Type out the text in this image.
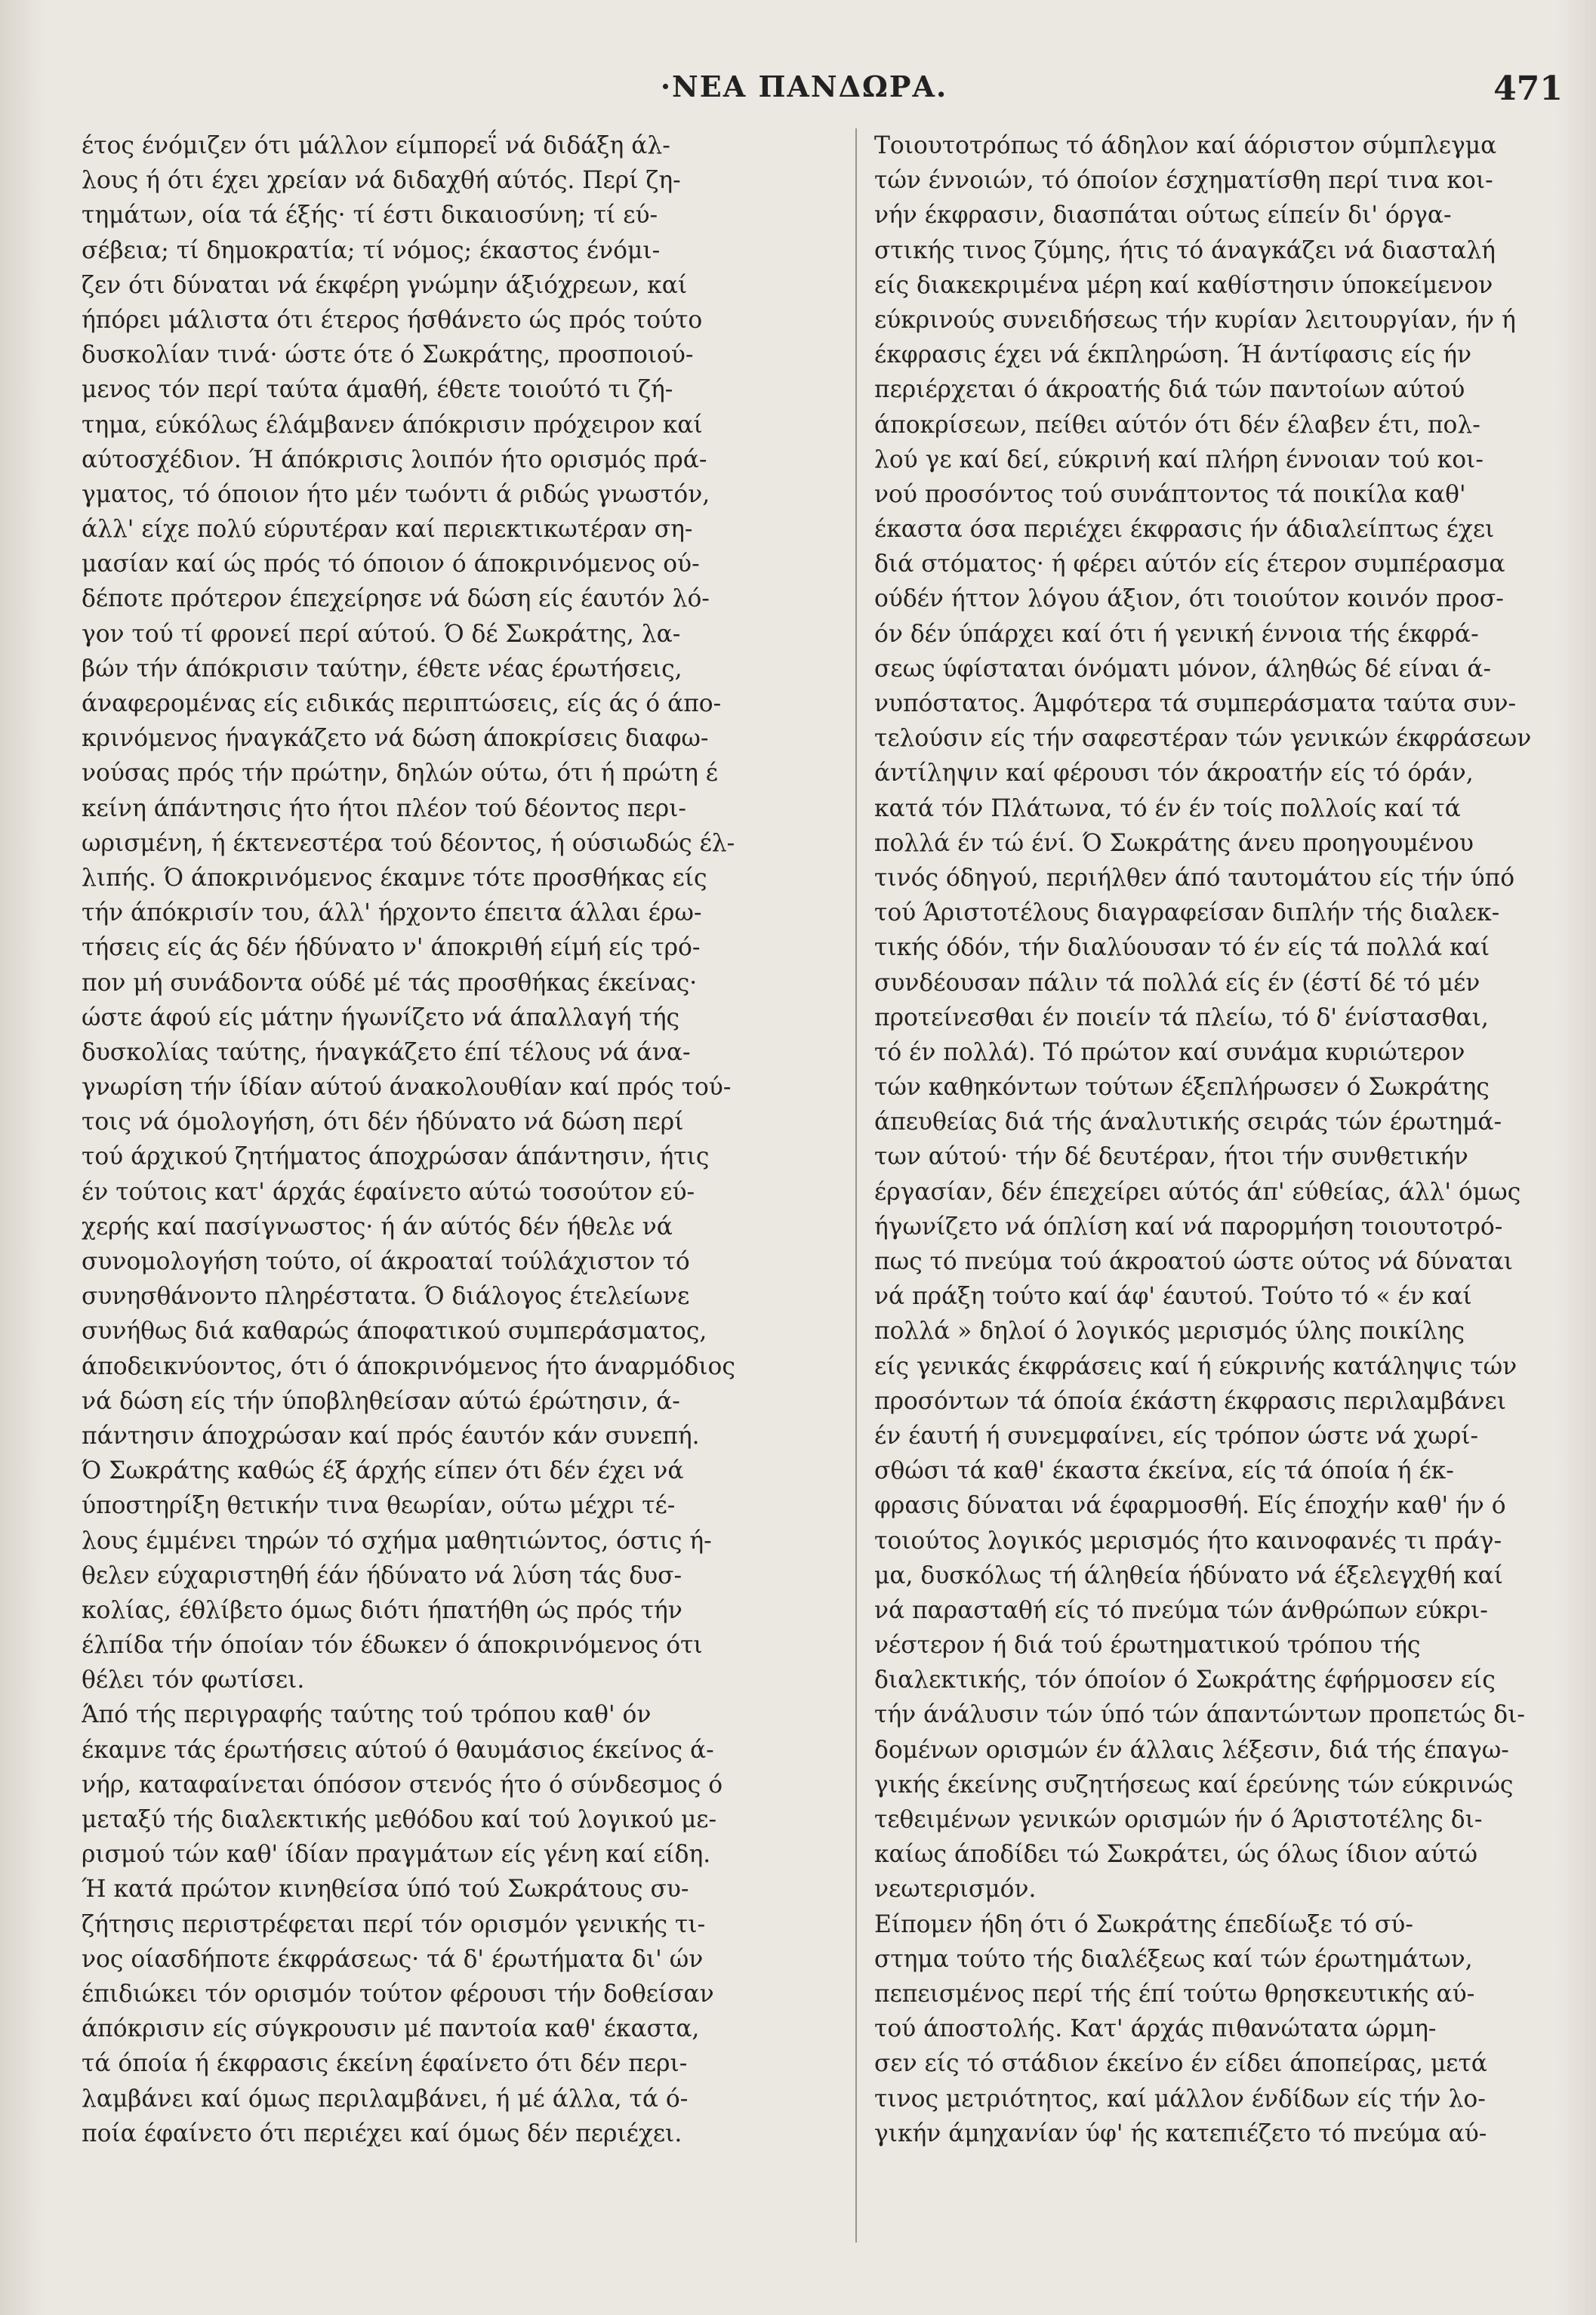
·ΝΕΑ ΠΑΝΔΩΡΑ.	471
έτος ένόμιζεν ότι μάλλον είμπορεΐ νά διδάξη άλ-
λους ή ότι έχει χρείαν νά διδαχθή αύτός. Περί ζη-
τημάτων, οία τά έξής· τί έστι δικαιοσύνη; τί εύ-
σέβεια; τί δημοκρατία; τί νόμος; έκαστος ένόμι-
ζεν ότι δύναται νά έκφέρη γνώμην άξιόχρεων, καί
ήπόρει μάλιστα ότι έτερος ήσθάνετο ώς πρός τούτο
δυσκολίαν τινά· ώστε ότε ό Σωκράτης, προσποιού-
μενος τόν περί ταύτα άμαθή, έθετε τοιούτό τι ζή-
τημα, εύκόλως έλάμβανεν άπόκρισιν πρόχειρον καί
αύτοσχέδιον. Ή άπόκρισις λοιπόν ήτο ορισμός πρά-
γματος, τό όποιον ήτο μέν τωόντι ά ριδώς γνωστόν,
άλλ' είχε πολύ εύρυτέραν καί περιεκτικωτέραν ση-
μασίαν καί ώς πρός τό όποιον ό άποκρινόμενος ού-
δέποτε πρότερον έπεχείρησε νά δώση είς έαυτόν λό-
γον τού τί φρονεί περί αύτού. Ό δέ Σωκράτης, λα-
βών τήν άπόκρισιν ταύτην, έθετε νέας έρωτήσεις,
άναφερομένας είς ειδικάς περιπτώσεις, είς άς ό άπο-
κρινόμενος ήναγκάζετο νά δώση άποκρίσεις διαφω-
νούσας πρός τήν πρώτην, δηλών ούτω, ότι ή πρώτη έ
κείνη άπάντησις ήτο ήτοι πλέον τού δέοντος περι-
ωρισμένη, ή έκτενεστέρα τού δέοντος, ή ούσιωδώς έλ-
λιπής. Ό άποκρινόμενος έκαμνε τότε προσθήκας είς
τήν άπόκρισίν του, άλλ' ήρχοντο έπειτα άλλαι έρω-
τήσεις είς άς δέν ήδύνατο ν' άποκριθή είμή είς τρό-
πον μή συνάδοντα ούδέ μέ τάς προσθήκας έκείνας·
ώστε άφού είς μάτην ήγωνίζετο νά άπαλλαγή τής
δυσκολίας ταύτης, ήναγκάζετο έπί τέλους νά άνα-
γνωρίση τήν ίδίαν αύτού άνακολουθίαν καί πρός τού-
τοις νά όμολογήση, ότι δέν ήδύνατο νά δώση περί
τού άρχικού ζητήματος άποχρώσαν άπάντησιν, ήτις
έν τούτοις κατ' άρχάς έφαίνετο αύτώ τοσούτον εύ-
χερής καί πασίγνωστος· ή άν αύτός δέν ήθελε νά
συνομολογήση τούτο, οί άκροαταί τούλάχιστον τό
συνησθάνοντο πληρέστατα. Ό διάλογος έτελείωνε
συνήθως διά καθαρώς άποφατικού συμπεράσματος,
άποδεικνύοντος, ότι ό άποκρινόμενος ήτο άναρμόδιος
νά δώση είς τήν ύποβληθείσαν αύτώ έρώτησιν, ά-
πάντησιν άποχρώσαν καί πρός έαυτόν κάν συνεπή.
Ό Σωκράτης καθώς έξ άρχής είπεν ότι δέν έχει νά
ύποστηρίξη θετικήν τινα θεωρίαν, ούτω μέχρι τέ-
λους έμμένει τηρών τό σχήμα μαθητιώντος, όστις ή-
θελεν εύχαριστηθή έάν ήδύνατο νά λύση τάς δυσ-
κολίας, έθλίβετο όμως διότι ήπατήθη ώς πρός τήν
έλπίδα τήν όποίαν τόν έδωκεν ό άποκρινόμενος ότι
θέλει τόν φωτίσει.
Άπό τής περιγραφής ταύτης τού τρόπου καθ' όν
έκαμνε τάς έρωτήσεις αύτού ό θαυμάσιος έκείνος ά-
νήρ, καταφαίνεται όπόσον στενός ήτο ό σύνδεσμος ό
μεταξύ τής διαλεκτικής μεθόδου καί τού λογικού με-
ρισμού τών καθ' ίδίαν πραγμάτων είς γένη καί είδη.
Ή κατά πρώτον κινηθείσα ύπό τού Σωκράτους συ-
ζήτησις περιστρέφεται περί τόν ορισμόν γενικής τι-
νος οίασδήποτε έκφράσεως· τά δ' έρωτήματα δι' ών
έπιδιώκει τόν ορισμόν τούτον φέρουσι τήν δοθείσαν
άπόκρισιν είς σύγκρουσιν μέ παντοία καθ' έκαστα,
τά όποία ή έκφρασις έκείνη έφαίνετο ότι δέν περι-
λαμβάνει καί όμως περιλαμβάνει, ή μέ άλλα, τά ό-
ποία έφαίνετο ότι περιέχει καί όμως δέν περιέχει.
Τοιουτοτρόπως τό άδηλον καί άόριστον σύμπλεγμα
τών έννοιών, τό όποίον έσχηματίσθη περί τινα κοι-
νήν έκφρασιν, διασπάται ούτως είπείν δι' όργα-
στικής τινος ζύμης, ήτις τό άναγκάζει νά διασταλή
είς διακεκριμένα μέρη καί καθίστησιν ύποκείμενον
εύκρινούς συνειδήσεως τήν κυρίαν λειτουργίαν, ήν ή
έκφρασις έχει νά έκπληρώση. Ή άντίφασις είς ήν
περιέρχεται ό άκροατής διά τών παντοίων αύτού
άποκρίσεων, πείθει αύτόν ότι δέν έλαβεν έτι, πολ-
λού γε καί δεί, εύκρινή καί πλήρη έννοιαν τού κοι-
νού προσόντος τού συνάπτοντος τά ποικίλα καθ'
έκαστα όσα περιέχει έκφρασις ήν άδιαλείπτως έχει
διά στόματος· ή φέρει αύτόν είς έτερον συμπέρασμα
ούδέν ήττον λόγου άξιον, ότι τοιούτον κοινόν προσ-
όν δέν ύπάρχει καί ότι ή γενική έννοια τής έκφρά-
σεως ύφίσταται όνόματι μόνον, άληθώς δέ είναι ά-
νυπόστατος. Άμφότερα τά συμπεράσματα ταύτα συν-
τελούσιν είς τήν σαφεστέραν τών γενικών έκφράσεων
άντίληψιν καί φέρουσι τόν άκροατήν είς τό όράν,
κατά τόν Πλάτωνα, τό έν έν τοίς πολλοίς καί τά
πολλά έν τώ ένί. Ό Σωκράτης άνευ προηγουμένου
τινός όδηγού, περιήλθεν άπό ταυτομάτου είς τήν ύπό
τού Άριστοτέλους διαγραφείσαν διπλήν τής διαλεκ-
τικής όδόν, τήν διαλύουσαν τό έν είς τά πολλά καί
συνδέουσαν πάλιν τά πολλά είς έν (έστί δέ τό μέν
προτείνεσθαι έν ποιείν τά πλείω, τό δ' ένίστασθαι,
τό έν πολλά). Τό πρώτον καί συνάμα κυριώτερον
τών καθηκόντων τούτων έξεπλήρωσεν ό Σωκράτης
άπευθείας διά τής άναλυτικής σειράς τών έρωτημά-
των αύτού· τήν δέ δευτέραν, ήτοι τήν συνθετικήν
έργασίαν, δέν έπεχείρει αύτός άπ' εύθείας, άλλ' όμως
ήγωνίζετο νά όπλίση καί νά παρορμήση τοιουτοτρό-
πως τό πνεύμα τού άκροατού ώστε ούτος νά δύναται
νά πράξη τούτο καί άφ' έαυτού. Τούτο τό « έν καί
πολλά » δηλοί ό λογικός μερισμός ύλης ποικίλης
είς γενικάς έκφράσεις καί ή εύκρινής κατάληψις τών
προσόντων τά όποία έκάστη έκφρασις περιλαμβάνει
έν έαυτή ή συνεμφαίνει, είς τρόπον ώστε νά χωρί-
σθώσι τά καθ' έκαστα έκείνα, είς τά όποία ή έκ-
φρασις δύναται νά έφαρμοσθή. Είς έποχήν καθ' ήν ό
τοιούτος λογικός μερισμός ήτο καινοφανές τι πράγ-
μα, δυσκόλως τή άληθεία ήδύνατο νά έξελεγχθή καί
νά παρασταθή είς τό πνεύμα τών άνθρώπων εύκρι-
νέστερον ή διά τού έρωτηματικού τρόπου τής
διαλεκτικής, τόν όποίον ό Σωκράτης έφήρμοσεν είς
τήν άνάλυσιν τών ύπό τών άπαντώντων προπετώς δι-
δομένων ορισμών έν άλλαις λέξεσιν, διά τής έπαγω-
γικής έκείνης συζητήσεως καί έρεύνης τών εύκρινώς
τεθειμένων γενικών ορισμών ήν ό Άριστοτέλης δι-
καίως άποδίδει τώ Σωκράτει, ώς όλως ίδιον αύτώ
νεωτερισμόν.
Είπομεν ήδη ότι ό Σωκράτης έπεδίωξε τό σύ-
στημα τούτο τής διαλέξεως καί τών έρωτημάτων,
πεπεισμένος περί τής έπί τούτω θρησκευτικής αύ-
τού άποστολής. Κατ' άρχάς πιθανώτατα ώρμη-
σεν είς τό στάδιον έκείνο έν είδει άποπείρας, μετά
τινος μετριότητος, καί μάλλον ένδίδων είς τήν λο-
γικήν άμηχανίαν ύφ' ής κατεπιέζετο τό πνεύμα αύ-
